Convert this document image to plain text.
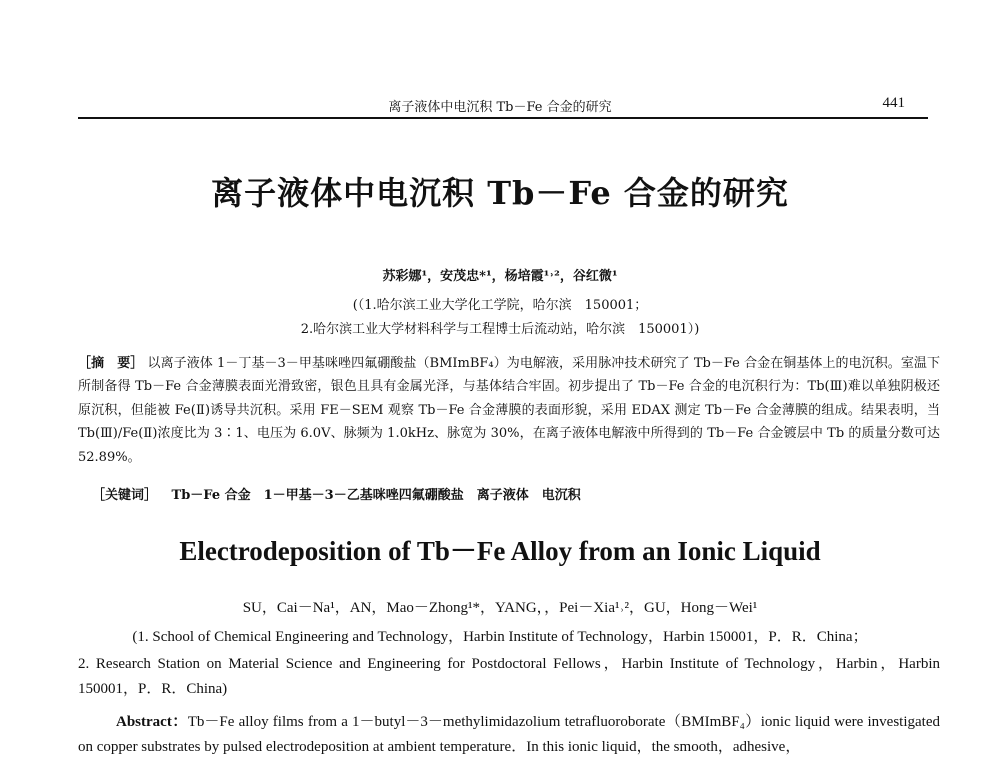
离子液体中电沉积 Tb－Fe 合金的研究	441
离子液体中电沉积 Tb－Fe 合金的研究
苏彩娜¹，安茂忠*¹，杨培霞¹˒²，谷红微¹
(（1.哈尔滨工业大学化工学院，哈尔滨　150001；
2.哈尔滨工业大学材料科学与工程博士后流动站，哈尔滨　150001）)
［摘　要］ 以离子液体 1－丁基－3－甲基咪唑四氟硼酸盐（BMImBF₄）为电解液，采用脉冲技术研究了 Tb－Fe 合金在铜基体上的电沉积。室温下所制备得 Tb－Fe 合金薄膜表面光滑致密，银色且具有金属光泽，与基体结合牢固。初步提出了 Tb－Fe 合金的电沉积行为：Tb(Ⅲ)难以单独阴极还原沉积，但能被 Fe(Ⅱ)诱导共沉积。采用 FE－SEM 观察 Tb－Fe 合金薄膜的表面形貌，采用 EDAX 测定 Tb－Fe 合金薄膜的组成。结果表明，当 Tb(Ⅲ)/Fe(Ⅱ)浓度比为 3∶1、电压为 6.0V、脉频为 1.0kHz、脉宽为 30%，在离子液体电解液中所得到的 Tb－Fe 合金镀层中 Tb 的质量分数可达 52.89%。
［关键词］ Tb－Fe 合金　1－甲基－3－乙基咪唑四氟硼酸盐　离子液体　电沉积
Electrodeposition of Tb－Fe Alloy from an Ionic Liquid
SU，Cai－Na¹，AN，Mao－Zhong¹*，YANG，，Pei－Xia¹˒²，GU，Hong－Wei¹
(1. School of Chemical Engineering and Technology，Harbin Institute of Technology，Harbin 150001，P．R．China；
2. Research Station on Material Science and Engineering for Postdoctoral Fellows，Harbin Institute of Technology，Harbin，Harbin 150001，P．R．China)
Abstract：Tb－Fe alloy films from a 1－butyl－3－methylimidazolium tetrafluoroborate（BMImBF₄）ionic liquid were investigated on copper substrates by pulsed electrodeposition at ambient temperature．In this ionic liquid，the smooth，adhesive，
